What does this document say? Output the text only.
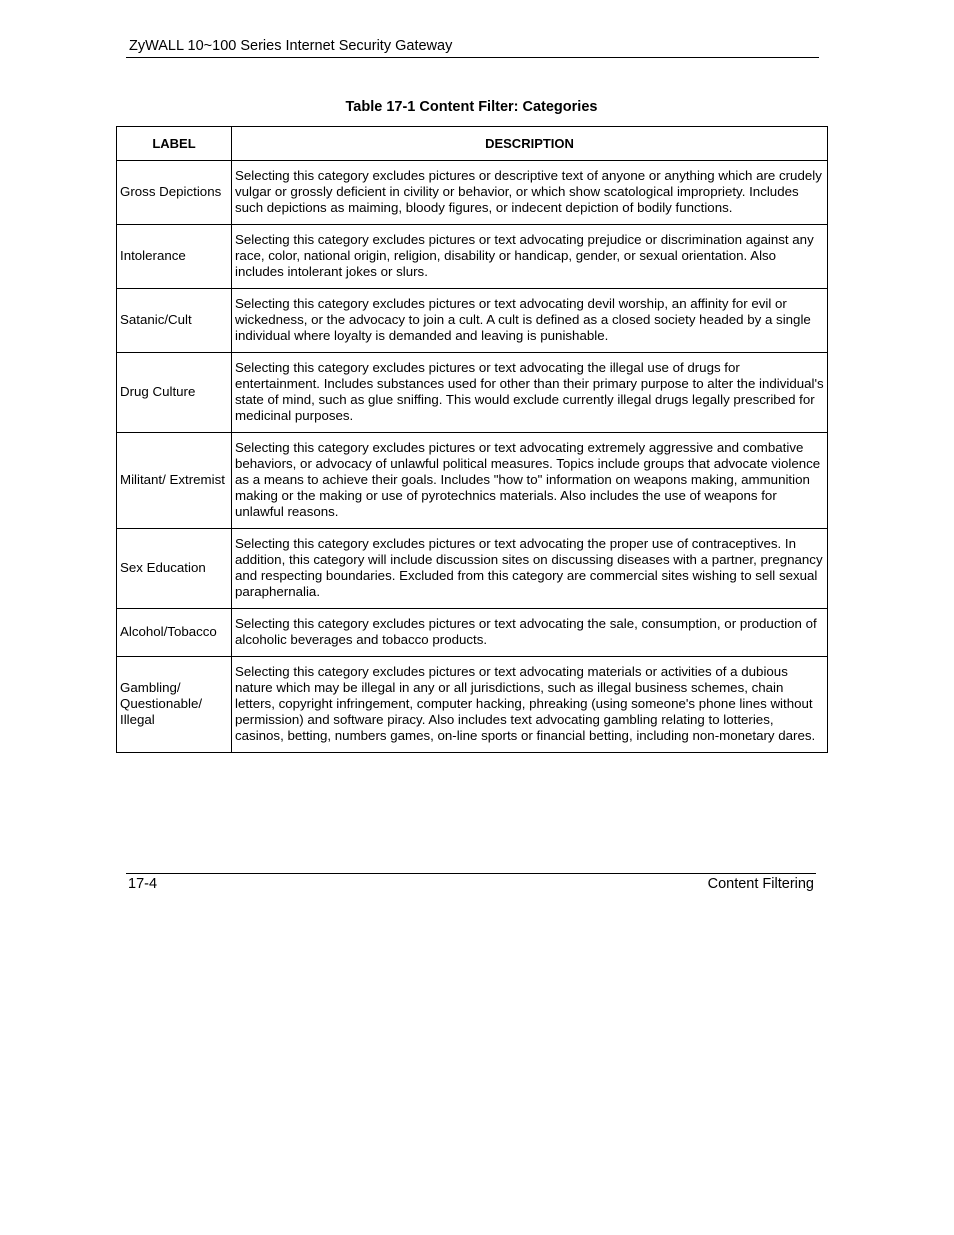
ZyWALL 10~100 Series Internet Security Gateway
Table 17-1 Content Filter: Categories
LABEL	DESCRIPTION
Gross Depictions	Selecting this category excludes pictures or descriptive text of anyone or anything which are crudely vulgar or grossly deficient in civility or behavior, or which show scatological impropriety. Includes such depictions as maiming, bloody figures, or indecent depiction of bodily functions.
Intolerance	Selecting this category excludes pictures or text advocating prejudice or discrimination against any race, color, national origin, religion, disability or handicap, gender, or sexual orientation. Also includes intolerant jokes or slurs.
Satanic/Cult	Selecting this category excludes pictures or text advocating devil worship, an affinity for evil or wickedness, or the advocacy to join a cult. A cult is defined as a closed society headed by a single individual where loyalty is demanded and leaving is punishable.
Drug Culture	Selecting this category excludes pictures or text advocating the illegal use of drugs for entertainment. Includes substances used for other than their primary purpose to alter the individual's state of mind, such as glue sniffing. This would exclude currently illegal drugs legally prescribed for medicinal purposes.
Militant/ Extremist	Selecting this category excludes pictures or text advocating extremely aggressive and combative behaviors, or advocacy of unlawful political measures. Topics include groups that advocate violence as a means to achieve their goals. Includes "how to" information on weapons making, ammunition making or the making or use of pyrotechnics materials. Also includes the use of weapons for unlawful reasons.
Sex Education	Selecting this category excludes pictures or text advocating the proper use of contraceptives. In addition, this category will include discussion sites on discussing diseases with a partner, pregnancy and respecting boundaries. Excluded from this category are commercial sites wishing to sell sexual paraphernalia.
Alcohol/Tobacco	Selecting this category excludes pictures or text advocating the sale, consumption, or production of alcoholic beverages and tobacco products.
Gambling/ Questionable/ Illegal	Selecting this category excludes pictures or text advocating materials or activities of a dubious nature which may be illegal in any or all jurisdictions, such as illegal business schemes, chain letters, copyright infringement, computer hacking, phreaking (using someone's phone lines without permission) and software piracy. Also includes text advocating gambling relating to lotteries, casinos, betting, numbers games, on-line sports or financial betting, including non-monetary dares.
17-4	Content Filtering
